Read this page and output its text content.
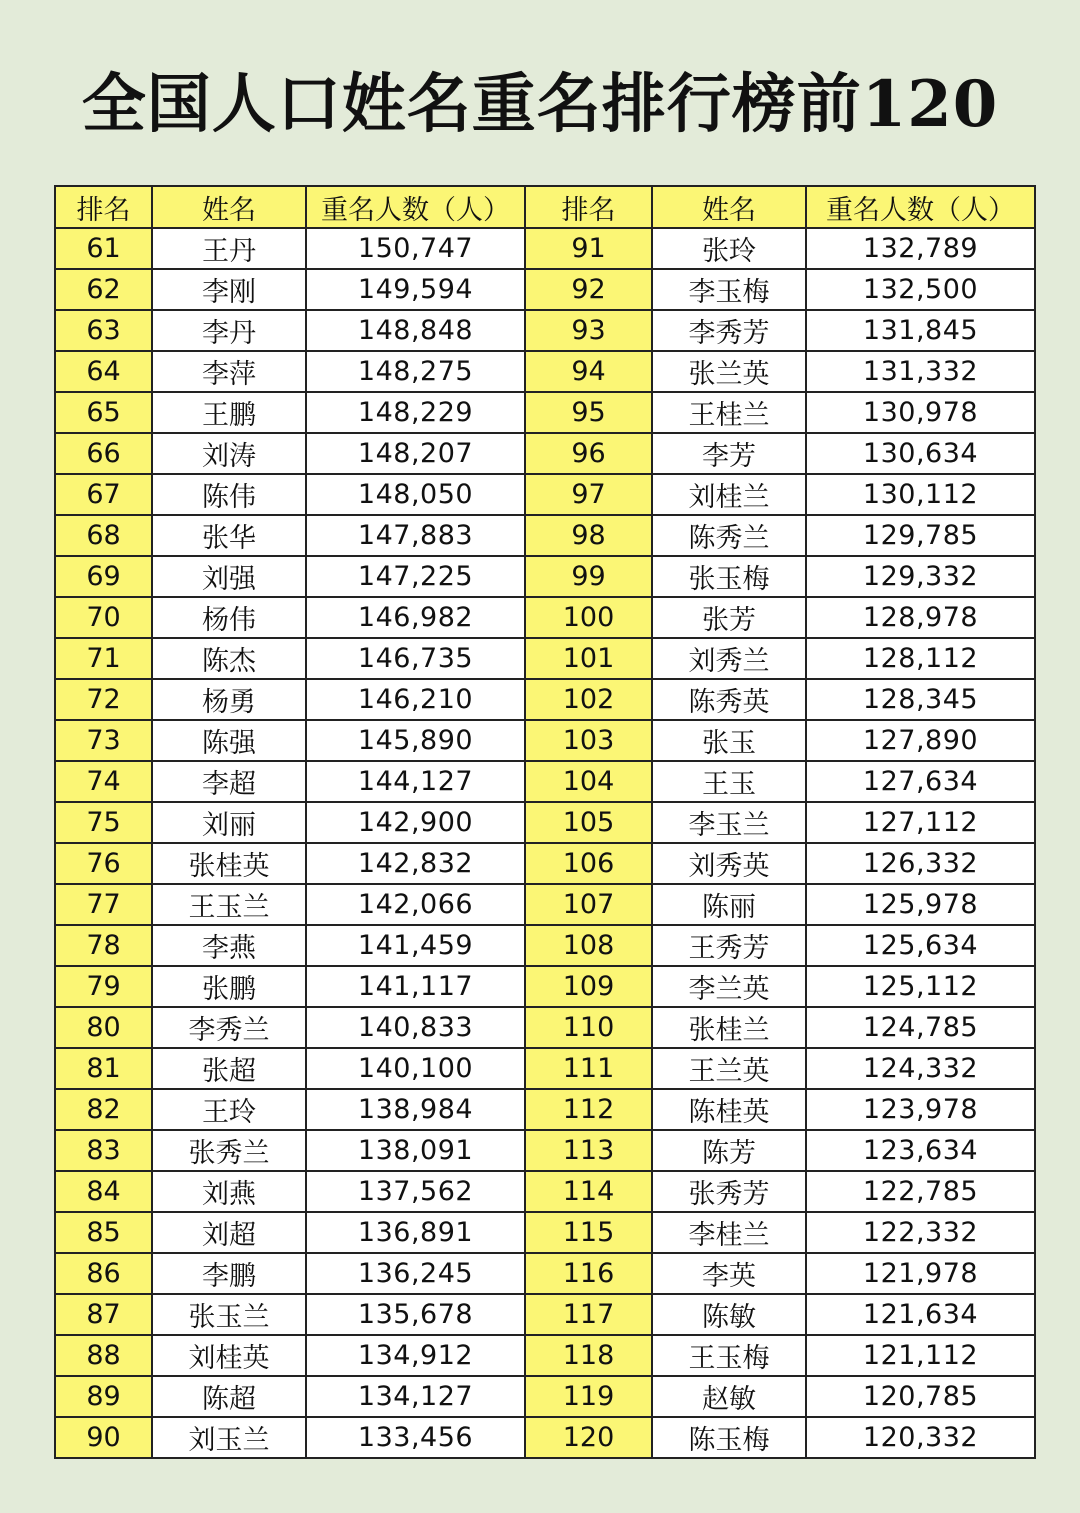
全国人口姓名重名排行榜前120
排名	姓名	重名人数（人）	排名	姓名	重名人数（人）
61	王丹	150,747	91	张玲	132,789
62	李刚	149,594	92	李玉梅	132,500
63	李丹	148,848	93	李秀芳	131,845
64	李萍	148,275	94	张兰英	131,332
65	王鹏	148,229	95	王桂兰	130,978
66	刘涛	148,207	96	李芳	130,634
67	陈伟	148,050	97	刘桂兰	130,112
68	张华	147,883	98	陈秀兰	129,785
69	刘强	147,225	99	张玉梅	129,332
70	杨伟	146,982	100	张芳	128,978
71	陈杰	146,735	101	刘秀兰	128,112
72	杨勇	146,210	102	陈秀英	128,345
73	陈强	145,890	103	张玉	127,890
74	李超	144,127	104	王玉	127,634
75	刘丽	142,900	105	李玉兰	127,112
76	张桂英	142,832	106	刘秀英	126,332
77	王玉兰	142,066	107	陈丽	125,978
78	李燕	141,459	108	王秀芳	125,634
79	张鹏	141,117	109	李兰英	125,112
80	李秀兰	140,833	110	张桂兰	124,785
81	张超	140,100	111	王兰英	124,332
82	王玲	138,984	112	陈桂英	123,978
83	张秀兰	138,091	113	陈芳	123,634
84	刘燕	137,562	114	张秀芳	122,785
85	刘超	136,891	115	李桂兰	122,332
86	李鹏	136,245	116	李英	121,978
87	张玉兰	135,678	117	陈敏	121,634
88	刘桂英	134,912	118	王玉梅	121,112
89	陈超	134,127	119	赵敏	120,785
90	刘玉兰	133,456	120	陈玉梅	120,332
